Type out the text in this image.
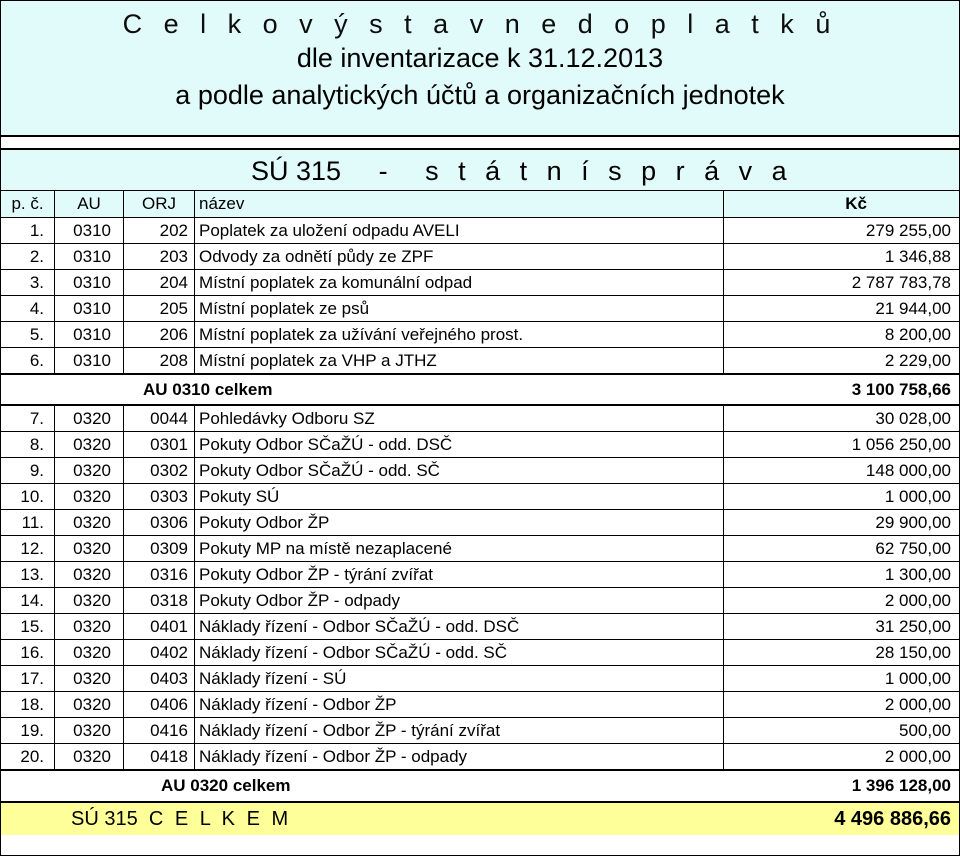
C e l k o v ý s t a v n e d o p l a t k ů
dle inventarizace k 31.12.2013
a podle analytických účtů a organizačních jednotek
SÚ 315 - s t á t n í s p r á v a
p. č.	AU	ORJ	název	Kč
1.	0310	202	Poplatek za uložení odpadu AVELI	279 255,00
2.	0310	203	Odvody za odnětí půdy ze ZPF	1 346,88
3.	0310	204	Místní poplatek za komunální odpad	2 787 783,78
4.	0310	205	Místní poplatek ze psů	21 944,00
5.	0310	206	Místní poplatek za užívání veřejného prost.	8 200,00
6.	0310	208	Místní poplatek za VHP a JTHZ	2 229,00
AU 0310 celkem				3 100 758,66
7.	0320	0044	Pohledávky Odboru SZ	30 028,00
8.	0320	0301	Pokuty Odbor SČaŽÚ - odd. DSČ	1 056 250,00
9.	0320	0302	Pokuty Odbor SČaŽÚ - odd. SČ	148 000,00
10.	0320	0303	Pokuty SÚ	1 000,00
11.	0320	0306	Pokuty Odbor ŽP	29 900,00
12.	0320	0309	Pokuty MP na místě nezaplacené	62 750,00
13.	0320	0316	Pokuty Odbor ŽP - týrání zvířat	1 300,00
14.	0320	0318	Pokuty Odbor ŽP - odpady	2 000,00
15.	0320	0401	Náklady řízení - Odbor SČaŽÚ - odd. DSČ	31 250,00
16.	0320	0402	Náklady řízení - Odbor SČaŽÚ - odd. SČ	28 150,00
17.	0320	0403	Náklady řízení - SÚ	1 000,00
18.	0320	0406	Náklady řízení - Odbor ŽP	2 000,00
19.	0320	0416	Náklady řízení - Odbor ŽP - týrání zvířat	500,00
20.	0320	0418	Náklady řízení - Odbor ŽP - odpady	2 000,00
AU 0320 celkem				1 396 128,00
SÚ 315 C E L K E M				4 496 886,66
